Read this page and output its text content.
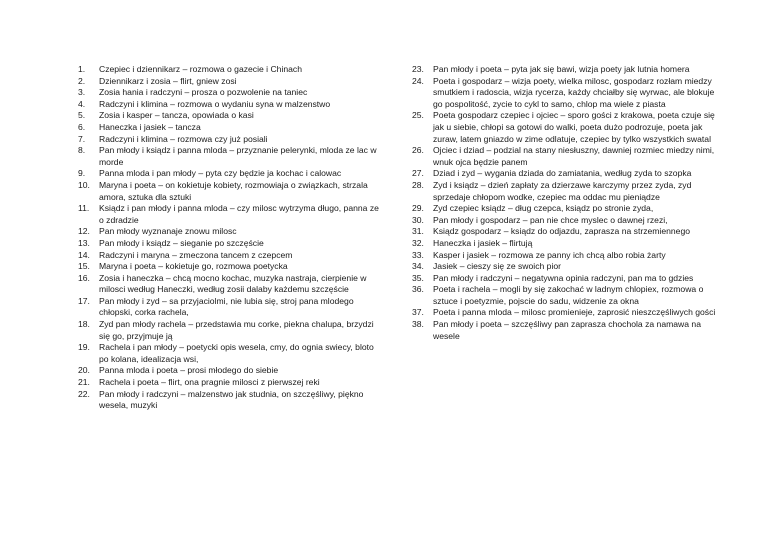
1. Czepiec i dziennikarz – rozmowa o gazecie i Chinach
2. Dziennikarz i zosia – flirt, gniew zosi
3. Zosia hania i radczyni – prosza o pozwolenie na taniec
4. Radczyni i klimina – rozmowa o wydaniu syna w malzenstwo
5. Zosia i kasper – tancza, opowiada o kasi
6. Haneczka i jasiek – tancza
7. Radczyni i klimina – rozmowa czy już posiali
8. Pan młody i ksiądz i panna mloda – przyznanie pelerynki, mloda ze lac w morde
9. Panna mloda i pan młody – pyta czy będzie ja kochac i calowac
10. Maryna i poeta – on kokietuje kobiety, rozmowiaja o związkach, strzala amora, sztuka dla sztuki
11. Ksiądz i pan młody i panna mloda – czy milosc wytrzyma długo, panna ze o zdradzie
12. Pan młody wyznanaje znowu milosc
13. Pan młody i ksiądz – sieganie po szczęście
14. Radczyni i maryna – zmeczona tancem z czepcem
15. Maryna i poeta – kokietuje go, rozmowa poetycka
16. Zosia i haneczka – chcą mocno kochac, muzyka nastraja, cierpienie w milosci według Haneczki, według zosii dalaby każdemu szczęście
17. Pan młody i zyd – sa przyjaciolmi, nie lubia się, stroj pana mlodego chłopski, corka rachela,
18. Zyd pan młody rachela – przedstawia mu corke, piekna chalupa, brzydzi się go, przyjmuje ją
19. Rachela i pan młody – poetycki opis wesela, cmy, do ognia swiecy, bloto po kolana, idealizacja wsi,
20. Panna mloda i poeta – prosi młodego do siebie
21. Rachela i poeta – flirt, ona pragnie milosci z pierwszej reki
22. Pan młody i radczyni – malzenstwo jak studnia, on szczęśliwy, piękno wesela, muzyki
23. Pan młody i poeta – pyta jak się bawi, wizja poety jak lutnia homera
24. Poeta i gospodarz – wizja poety, wielka milosc, gospodarz rozłam miedzy smutkiem i radoscia, wizja rycerza, każdy chciałby się wyrwac, ale blokuje go pospolitość, zycie to cykl to samo, chlop ma wiele z piasta
25. Poeta gospodarz czepiec i ojciec – sporo gości z krakowa, poeta czuje się jak u siebie, chłopi sa gotowi do walki, poeta dużo podrozuje, poeta jak zuraw, latem gniazdo w zime odlatuje, czepiec by tylko wszystkich swatal
26. Ojciec i dziad – podzial na stany niesłuszny, dawniej rozmiec miedzy nimi, wnuk ojca będzie panem
27. Dziad i zyd – wygania dziada do zamiatania, według zyda to szopka
28. Zyd i ksiądz – dzień zapłaty za dzierzawe karczymy przez zyda, zyd sprzedaje chłopom wodke, czepiec ma oddac mu pieniądze
29. Zyd czepiec ksiądz – dług czepca, ksiądz po stronie zyda,
30. Pan młody i gospodarz – pan nie chce myslec o dawnej rzezi,
31. Ksiądz gospodarz – ksiądz do odjazdu, zapraszа na strzemiennego
32. Haneczka i jasiek – flirtują
33. Kasper i jasiek – rozmowa ze panny ich chcą albo robia żarty
34. Jasiek – cieszy się ze swoich pior
35. Pan młody i radczyni – negatywna opinia radczyni, pan ma to gdzies
36. Poeta i rachela – mogli by się zakochać w ladnym chlopiex, rozmowa o sztuce i poetyzmie, pojscie do sadu, widzenie za okna
37. Poeta i panna mloda – milosc promienieje, zaprosić nieszczęśliwych gości
38. Pan młody i poeta – szczęśliwy pan zaprasza chochola za namawa na wesele
